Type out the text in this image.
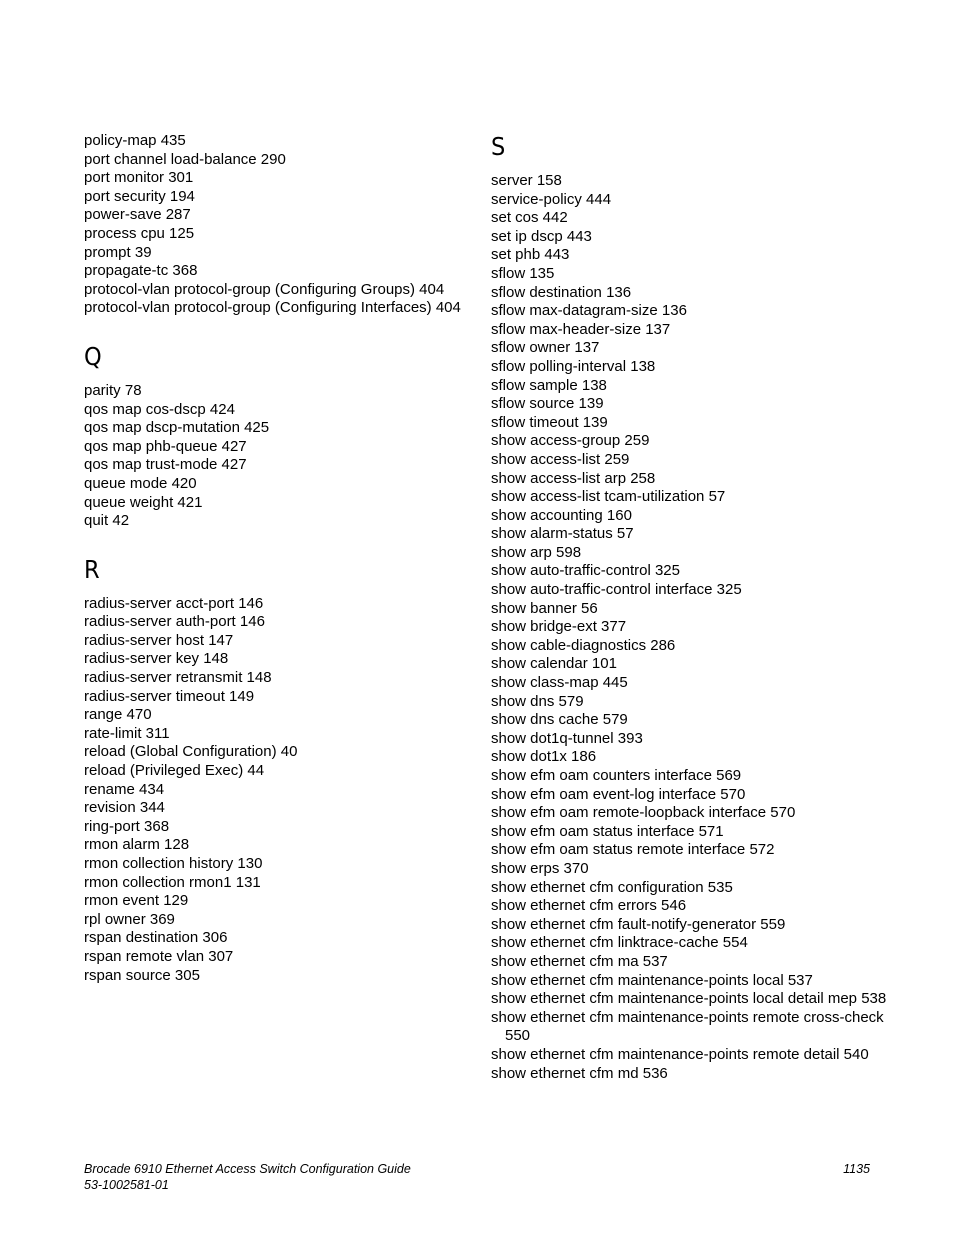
policy-map 435
port channel load-balance 290
port monitor 301
port security 194
power-save 287
process cpu 125
prompt 39
propagate-tc 368
protocol-vlan protocol-group (Configuring Groups) 404
protocol-vlan protocol-group (Configuring Interfaces) 404
Q
parity 78
qos map cos-dscp 424
qos map dscp-mutation 425
qos map phb-queue 427
qos map trust-mode 427
queue mode 420
queue weight 421
quit 42
R
radius-server acct-port 146
radius-server auth-port 146
radius-server host 147
radius-server key 148
radius-server retransmit 148
radius-server timeout 149
range 470
rate-limit 311
reload (Global Configuration) 40
reload (Privileged Exec) 44
rename 434
revision 344
ring-port 368
rmon alarm 128
rmon collection history 130
rmon collection rmon1 131
rmon event 129
rpl owner 369
rspan destination 306
rspan remote vlan 307
rspan source 305
S
server 158
service-policy 444
set cos 442
set ip dscp 443
set phb 443
sflow 135
sflow destination 136
sflow max-datagram-size 136
sflow max-header-size 137
sflow owner 137
sflow polling-interval 138
sflow sample 138
sflow source 139
sflow timeout 139
show access-group 259
show access-list 259
show access-list arp 258
show access-list tcam-utilization 57
show accounting 160
show alarm-status 57
show arp 598
show auto-traffic-control 325
show auto-traffic-control interface 325
show banner 56
show bridge-ext 377
show cable-diagnostics 286
show calendar 101
show class-map 445
show dns 579
show dns cache 579
show dot1q-tunnel 393
show dot1x 186
show efm oam counters interface 569
show efm oam event-log interface 570
show efm oam remote-loopback interface 570
show efm oam status interface 571
show efm oam status remote interface 572
show erps 370
show ethernet cfm configuration 535
show ethernet cfm errors 546
show ethernet cfm fault-notify-generator 559
show ethernet cfm linktrace-cache 554
show ethernet cfm ma 537
show ethernet cfm maintenance-points local 537
show ethernet cfm maintenance-points local detail mep 538
show ethernet cfm maintenance-points remote cross-check 550
show ethernet cfm maintenance-points remote detail 540
show ethernet cfm md 536
Brocade 6910 Ethernet Access Switch Configuration Guide
53-1002581-01
1135
